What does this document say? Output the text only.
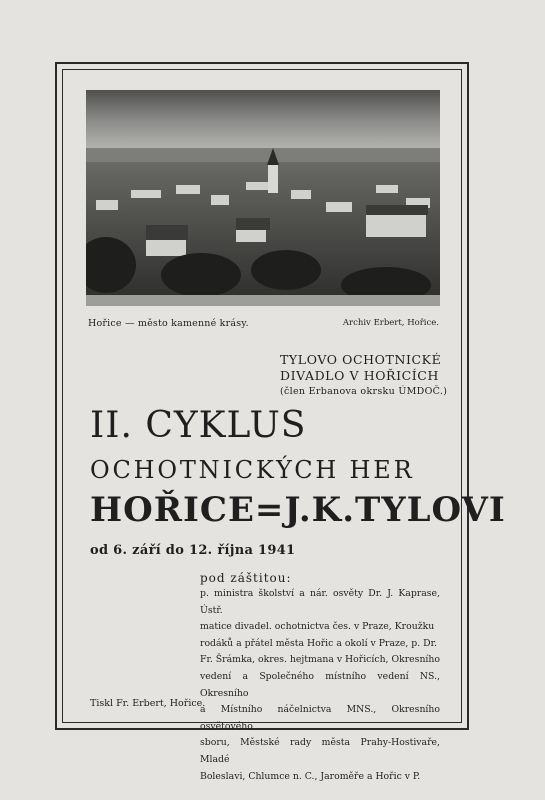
Hořice — město kamenné krásy.	Archiv Erbert, Hořice.
TYLOVO OCHOTNICKÉ
DIVADLO V HOŘICÍCH
(člen Erbanova okrsku ÚMDOČ.)
II. CYKLUS
OCHOTNICKÝCH HER
HOŘICE=J.K.TYLOVI
od 6. září do 12. října 1941
pod záštitou:
p. ministra školství a nár. osvěty Dr. J. Kaprase, Ústř.
matice divadel. ochotnictva čes. v Praze, Kroužku
rodáků a přátel města Hořic a okolí v Praze, p. Dr.
Fr. Šrámka, okres. hejtmana v Hořicích, Okresního
vedení a Společného místního vedení NS., Okresního
a Místního náčelnictva MNS., Okresního osvětového
sboru, Městské rady města Prahy-Hostivaře, Mladé
Boleslavi, Chlumce n. C., Jaroměře a Hořic v P.
Tiskl Fr. Erbert, Hořice.
